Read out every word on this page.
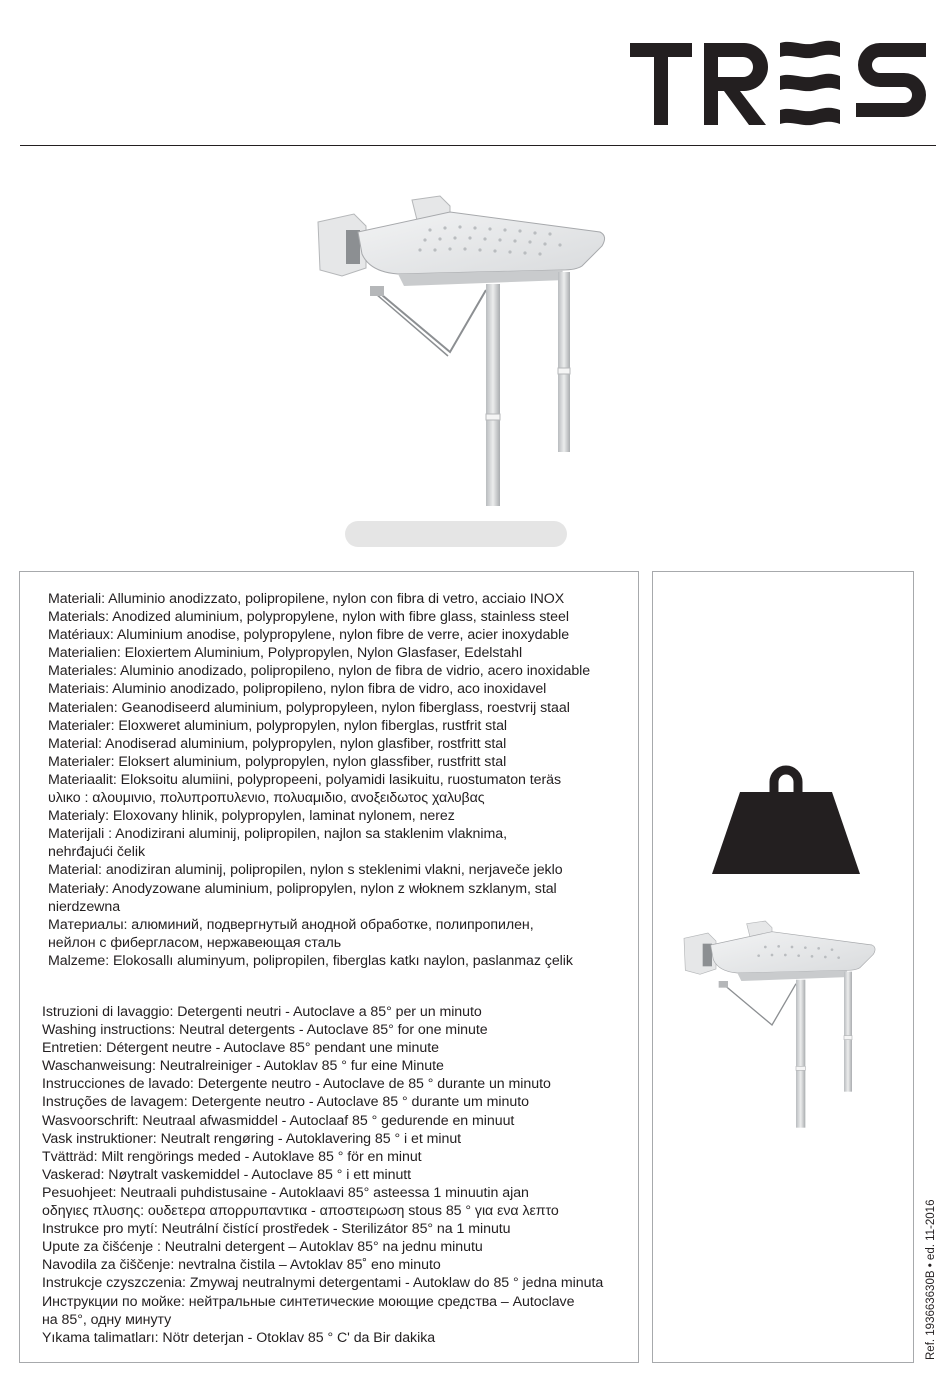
Materiali: Alluminio anodizzato, polipropilene, nylon con fibra di vetro, acciaio INOX
Materials: Anodized aluminium, polypropylene, nylon with fibre glass, stainless steel
Matériaux: Aluminium anodise, polypropylene, nylon fibre de verre, acier inoxydable
Materialien: Eloxiertem Aluminium, Polypropylen, Nylon Glasfaser, Edelstahl
Materiales: Aluminio anodizado, polipropileno, nylon de fibra de vidrio, acero inoxidable
Materiais: Aluminio anodizado, polipropileno, nylon fibra de vidro, aco inoxidavel
Materialen: Geanodiseerd aluminium, polypropyleen, nylon fiberglass, roestvrij staal
Materialer: Eloxweret aluminium, polypropylen, nylon fiberglas, rustfrit stal
Material: Anodiserad aluminium, polypropylen, nylon glasfiber, rostfritt stal
Materialer: Eloksert aluminium, polypropylen, nylon glassfiber, rustfritt stal
Materiaalit: Eloksoitu alumiini, polypropeeni, polyamidi lasikuitu, ruostumaton teräs
υλικο : αλουμινιο, πολυπροπυλενιο, πολυαμιδιο, ανοξειδωτος χαλυβας
Materialy: Eloxovany hlinik, polypropylen, laminat nylonem, nerez
Materijali : Anodizirani aluminij, polipropilen, najlon sa staklenim vlaknima,
nehrđajući čelik
Material: anodiziran aluminij, polipropilen, nylon s steklenimi vlakni, nerjaveče jeklo
Materiały: Anodyzowane aluminium, polipropylen, nylon z włoknem szklanym, stal
nierdzewna
Материалы: алюминий, подвергнутый анодной обработке, полипропилен,
нейлон с фибергласом, нержавеющая сталь
Malzeme: Elokosallı aluminyum, polipropilen, fiberglas katkı naylon, paslanmaz çelik
Istruzioni di lavaggio: Detergenti neutri - Autoclave a 85° per un minuto
Washing instructions: Neutral detergents - Autoclave 85° for one minute
Entretien: Détergent neutre - Autoclave 85° pendant une minute
Waschanweisung: Neutralreiniger - Autoklav 85 ° fur eine Minute
Instrucciones de lavado: Detergente neutro - Autoclave de 85 ° durante un minuto
Instruções de lavagem: Detergente neutro - Autoclave 85 ° durante um minuto
Wasvoorschrift: Neutraal afwasmiddel - Autoclaaf 85 ° gedurende en minuut
Vask instruktioner: Neutralt rengøring - Autoklavering 85 ° i et minut
Tvätträd: Milt rengörings meded - Autoklave 85 ° för en minut
Vaskerad: Nøytralt vaskemiddel - Autoclave 85 ° i ett minutt
Pesuohjeet: Neutraali puhdistusaine - Autoklaavi 85° asteessa 1 minuutin ajan
οδηγιες πλυσης: ουδετερα απορρυπαντικα - αποστειρωση stous 85 ° για ενα λεπτο
Instrukce pro mytí: Neutrální čistící prostředek - Sterilizátor 85° na 1 minutu
Upute za čišćenje : Neutralni detergent – Autoklav 85° na jednu minutu
Navodila za čiščenje: nevtralna čistila – Avtoklav 85˚ eno minuto
Instrukcje czyszczenia: Zmywaj neutralnymi detergentami - Autoklaw do 85 ° jedna minuta
Инструкции по мойке: нейтральные синтетические моющие средства – Autoclave
на 85°, одну минуту
Yıkama talimatları: Nötr deterjan - Otoklav 85 ° C' da Bir dakika	Ref. 193663630B • ed. 11-2016
